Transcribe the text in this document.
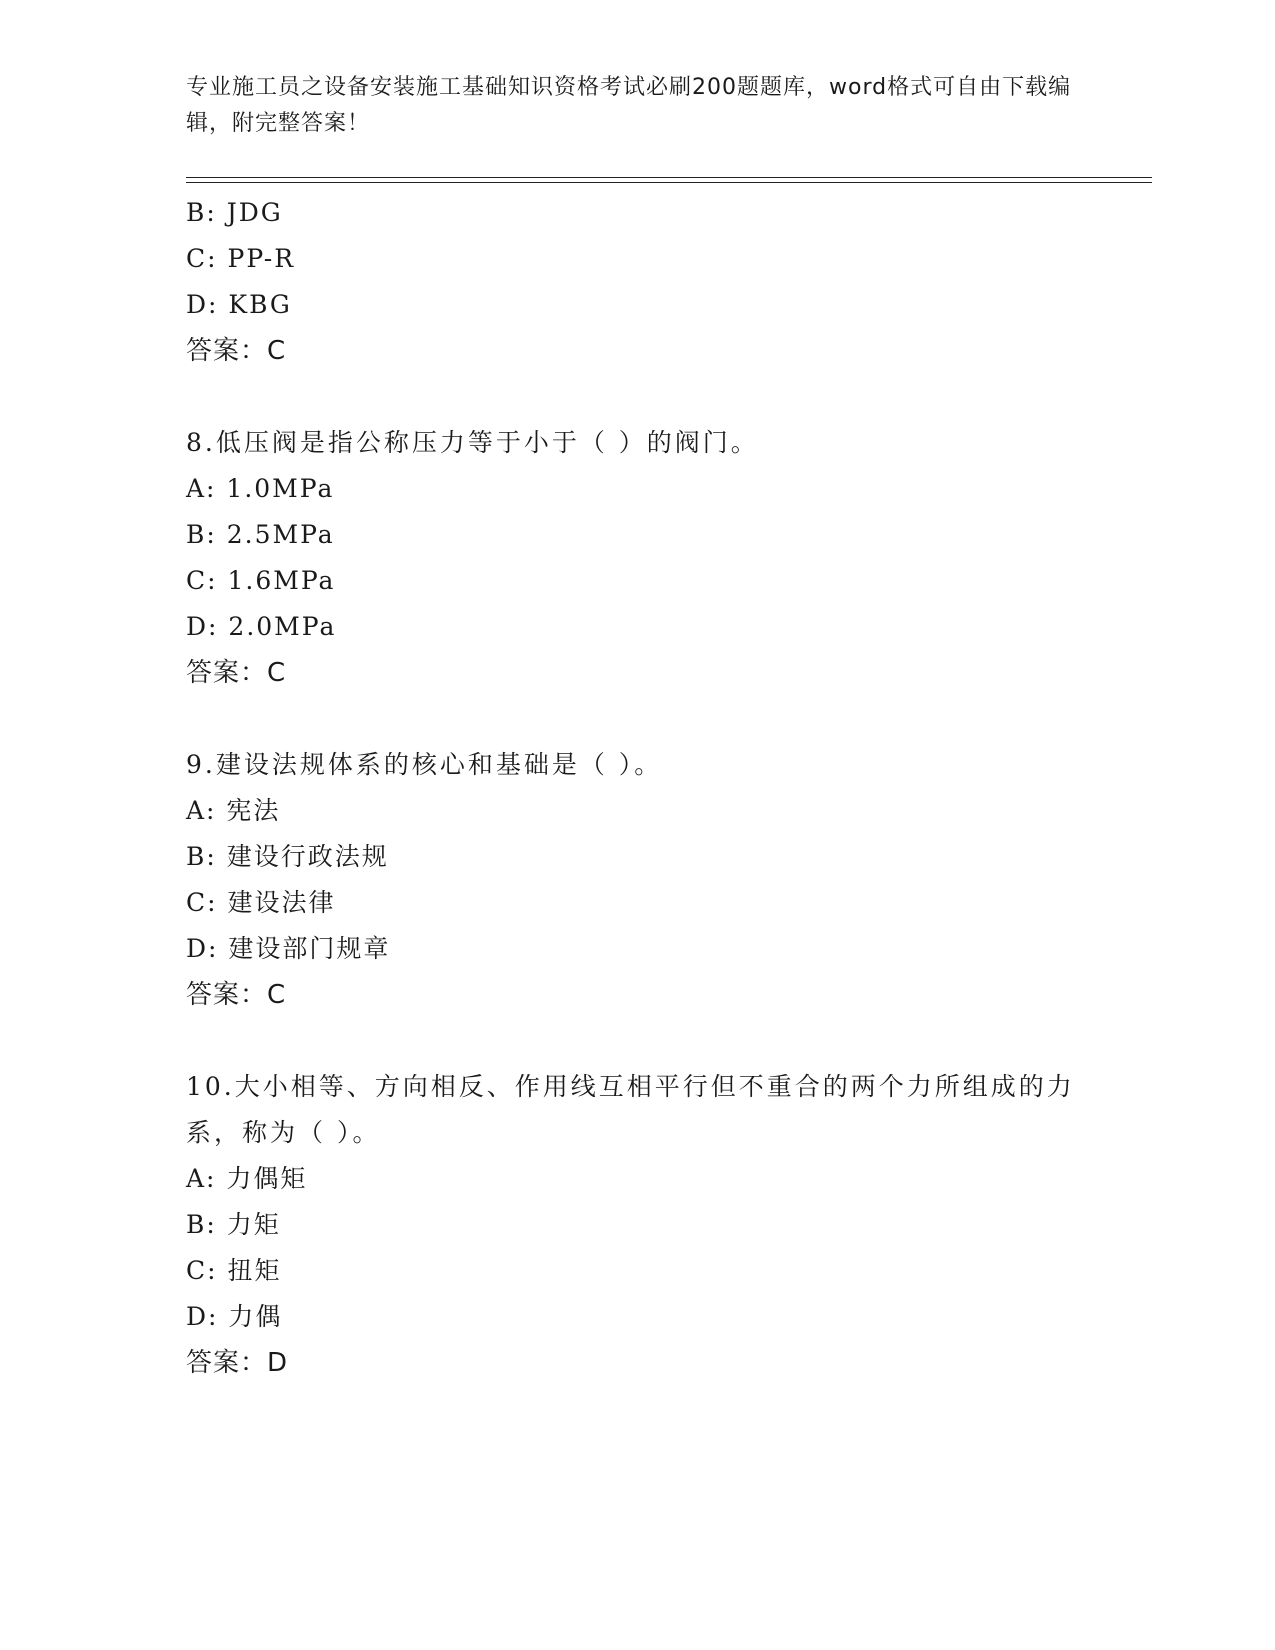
专业施工员之设备安装施工基础知识资格考试必刷200题题库，word格式可自由下载编辑，附完整答案！
B: JDG
C: PP-R
D: KBG
答案：C
8.低压阀是指公称压力等于小于（ ）的阀门。
A: 1.0MPa
B: 2.5MPa
C: 1.6MPa
D: 2.0MPa
答案：C
9.建设法规体系的核心和基础是（ ）。
A: 宪法
B: 建设行政法规
C: 建设法律
D: 建设部门规章
答案：C
10.大小相等、方向相反、作用线互相平行但不重合的两个力所组成的力系，称为（ ）。
A: 力偶矩
B: 力矩
C: 扭矩
D: 力偶
答案：D
